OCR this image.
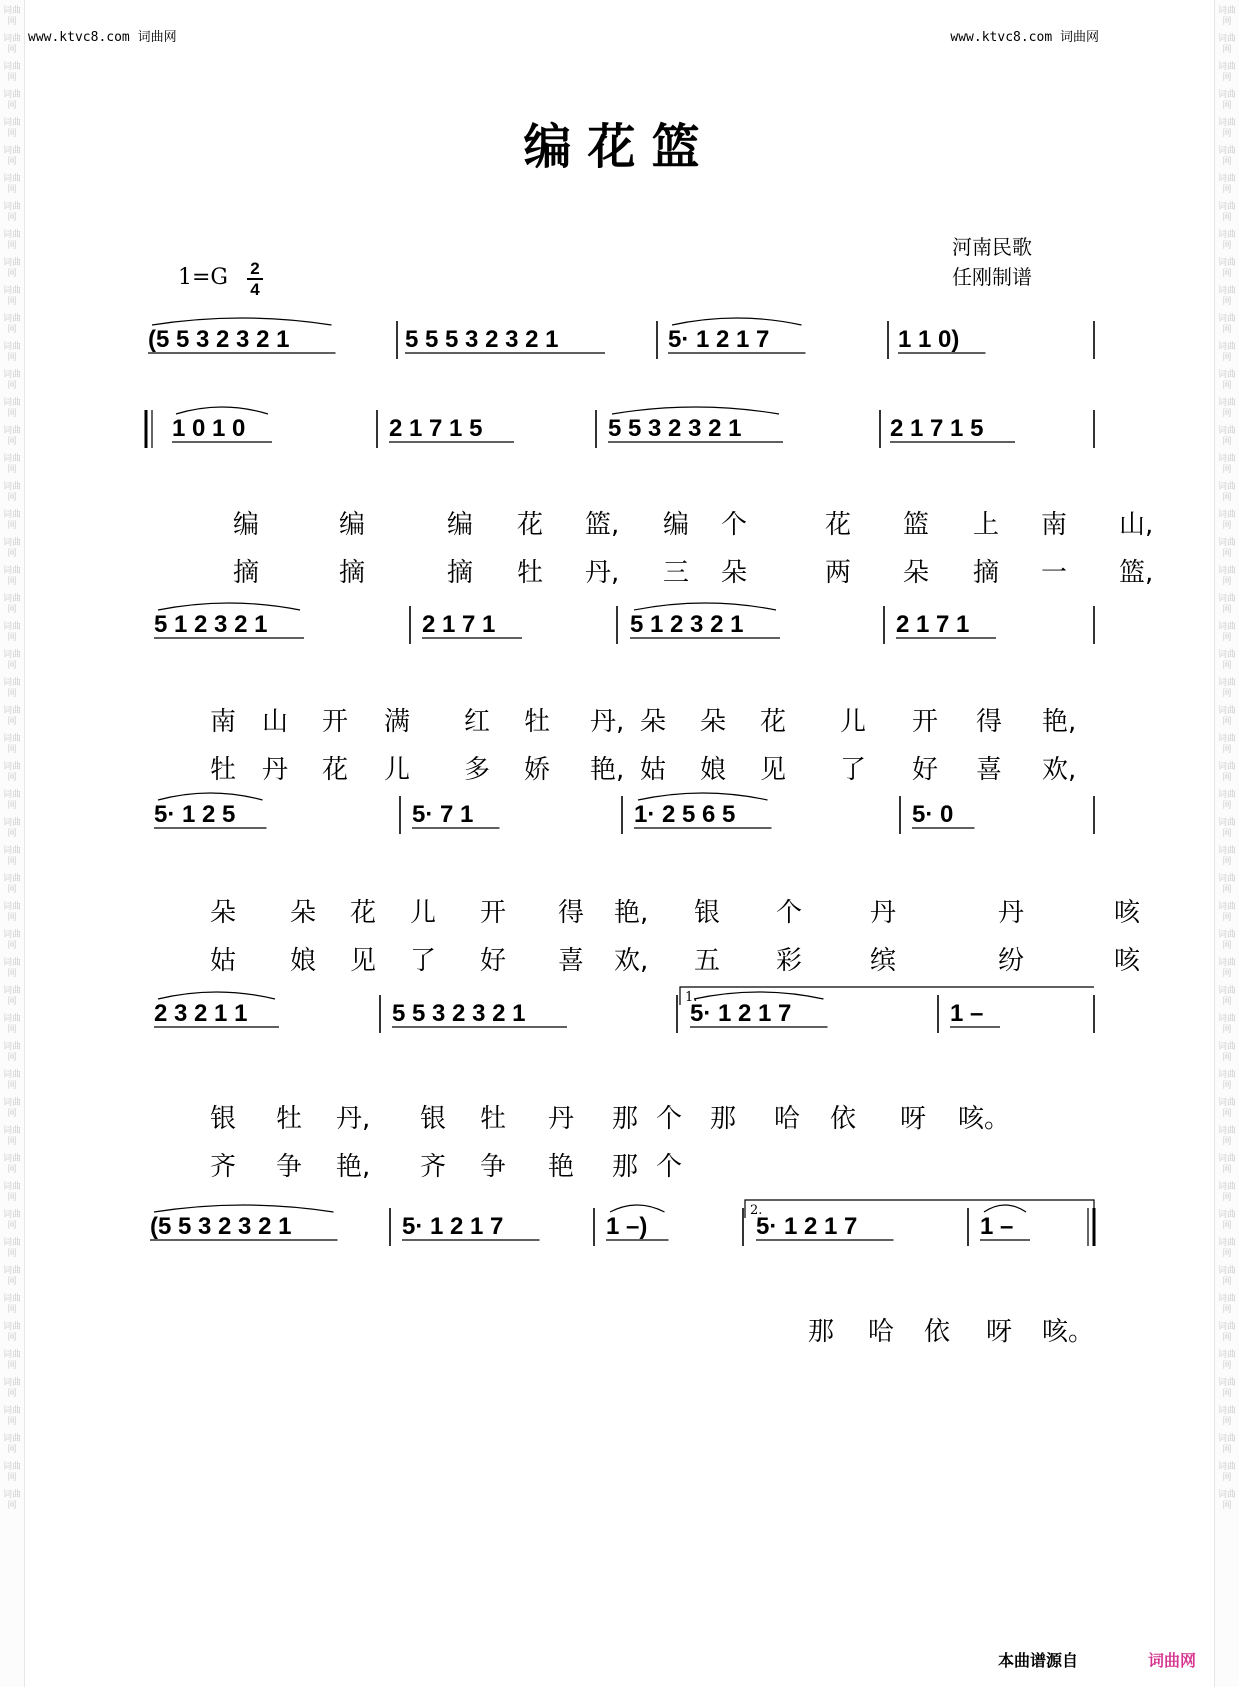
词曲网
词曲网
词曲网
词曲网
词曲网
词曲网
词曲网
词曲网
词曲网
词曲网
词曲网
词曲网
词曲网
词曲网
词曲网
词曲网
词曲网
词曲网
词曲网
词曲网
词曲网
词曲网
词曲网
词曲网
词曲网
词曲网
词曲网
词曲网
词曲网
词曲网
词曲网
词曲网
词曲网
词曲网
词曲网
词曲网
词曲网
词曲网
词曲网
词曲网
词曲网
词曲网
词曲网
词曲网
词曲网
词曲网
词曲网
词曲网
词曲网
词曲网
词曲网
词曲网
词曲网
词曲网
词曲网
词曲网
词曲网
词曲网
词曲网
词曲网
词曲网
词曲网
词曲网
词曲网
词曲网
词曲网
词曲网
词曲网
词曲网
词曲网
词曲网
词曲网
词曲网
词曲网
词曲网
词曲网
词曲网
词曲网
词曲网
词曲网
词曲网
词曲网
词曲网
词曲网
词曲网
词曲网
词曲网
词曲网
词曲网
词曲网
词曲网
词曲网
词曲网
词曲网
词曲网
词曲网
词曲网
词曲网
词曲网
词曲网
词曲网
词曲网
词曲网
词曲网
词曲网
词曲网
词曲网
词曲网
www.ktvc8.com 词曲网	www.ktvc8.com 词曲网
编花篮
河南民歌
任刚制谱
1=G 2
4
(5 5 3 2 3 2 1	5 5 5 3 2 3 2 1	5· 1 2 1 7	1 1 0)
1 0 1 0	2 1 7 1 5	5 5 3 2 3 2 1	2 1 7 1 5
5 1 2 3 2 1	2 1 7 1	5 1 2 3 2 1	2 1 7 1
5· 1 2 5	5· 7 1	1· 2 5 6 5	5· 0
1.
2 3 2 1 1	5 5 3 2 3 2 1	5· 1 2 1 7	1 –
2.
(5 5 3 2 3 2 1	5· 1 2 1 7	1 –)	5· 1 2 1 7	1 –
编	编	编 花 篮, 编 个	花 篮 上 南 山,
摘	摘	摘 牡 丹, 三 朵	两 朵 摘 一 篮,
南 山 开 满 红 牡 丹, 朵 朵 花 儿 开 得 艳,
牡 丹 花 儿 多 娇 艳, 姑 娘 见 了 好 喜 欢,
朵 朵 花 儿 开 得 艳, 银 个	丹	丹	咳
姑 娘 见 了 好 喜 欢, 五 彩	缤	纷	咳
银 牡 丹, 银 牡 丹 那 个 那 哈 依 呀 咳。
齐 争 艳, 齐 争 艳 那 个
那 哈 依 呀 咳。
本曲谱源自	词曲网
